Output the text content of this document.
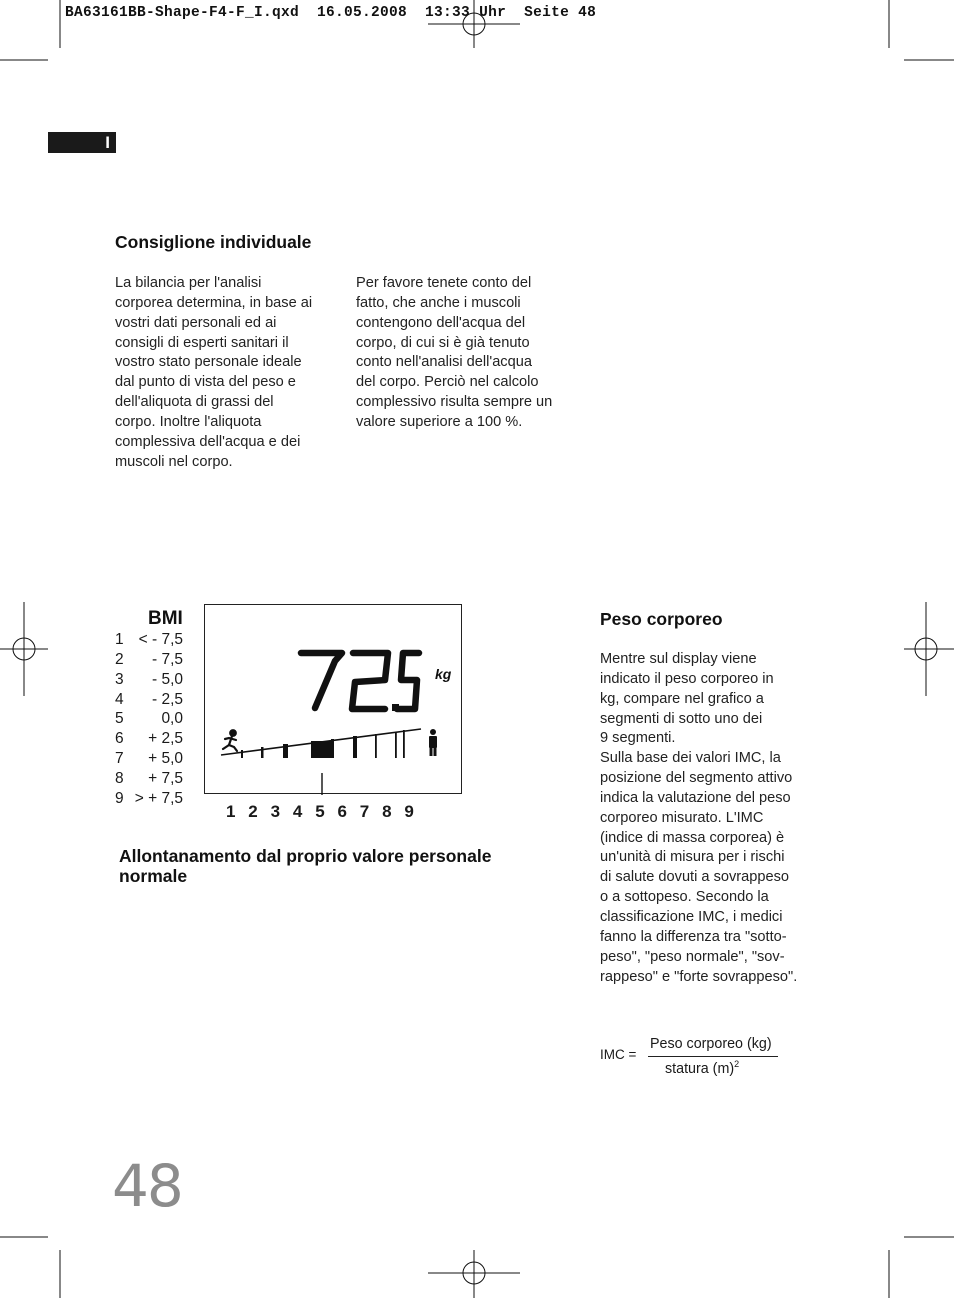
BA63161BB-Shape-F4-F_I.qxd  16.05.2008  13:33 Uhr  Seite 48
I
Consiglione individuale
La bilancia per l'analisi
corporea determina, in base ai
vostri dati personali ed ai
consigli di esperti sanitari il
vostro stato personale ideale
dal punto di vista del peso e
dell'aliquota di grassi del
corpo. Inoltre l'aliquota
complessiva dell'acqua e dei
muscoli nel corpo.
Per favore tenete conto del
fatto, che anche i muscoli
contengono dell'acqua del
corpo, di cui si è già tenuto
conto nell'analisi dell'acqua
del corpo. Perciò nel calcolo
complessivo risulta sempre un
valore superiore a 100 %.
BMI
1 < - 7,5
2	- 7,5
3	- 5,0
4	- 2,5
5	0,0
6	+ 2,5
7	+ 5,0
8	+ 7,5
9 > + 7,5
kg
1 2 3 4 5 6 7 8 9
Allontanamento dal proprio valore personale
normale
Peso corporeo
Mentre sul display viene
indicato il peso corporeo in
kg, compare nel grafico a
segmenti di sotto uno dei
9 segmenti.
Sulla base dei valori IMC, la
posizione del segmento attivo
indica la valutazione del peso
corporeo misurato. L'IMC
(indice di massa corporea) è
un'unità di misura per i rischi
di salute dovuti a sovrappeso
o a sottopeso. Secondo la
classificazione IMC, i medici
fanno la differenza tra "sotto-
peso", "peso normale", "sov-
rappeso" e "forte sovrappeso".
IMC =
Peso corporeo (kg)
statura $(m)^2$
48
